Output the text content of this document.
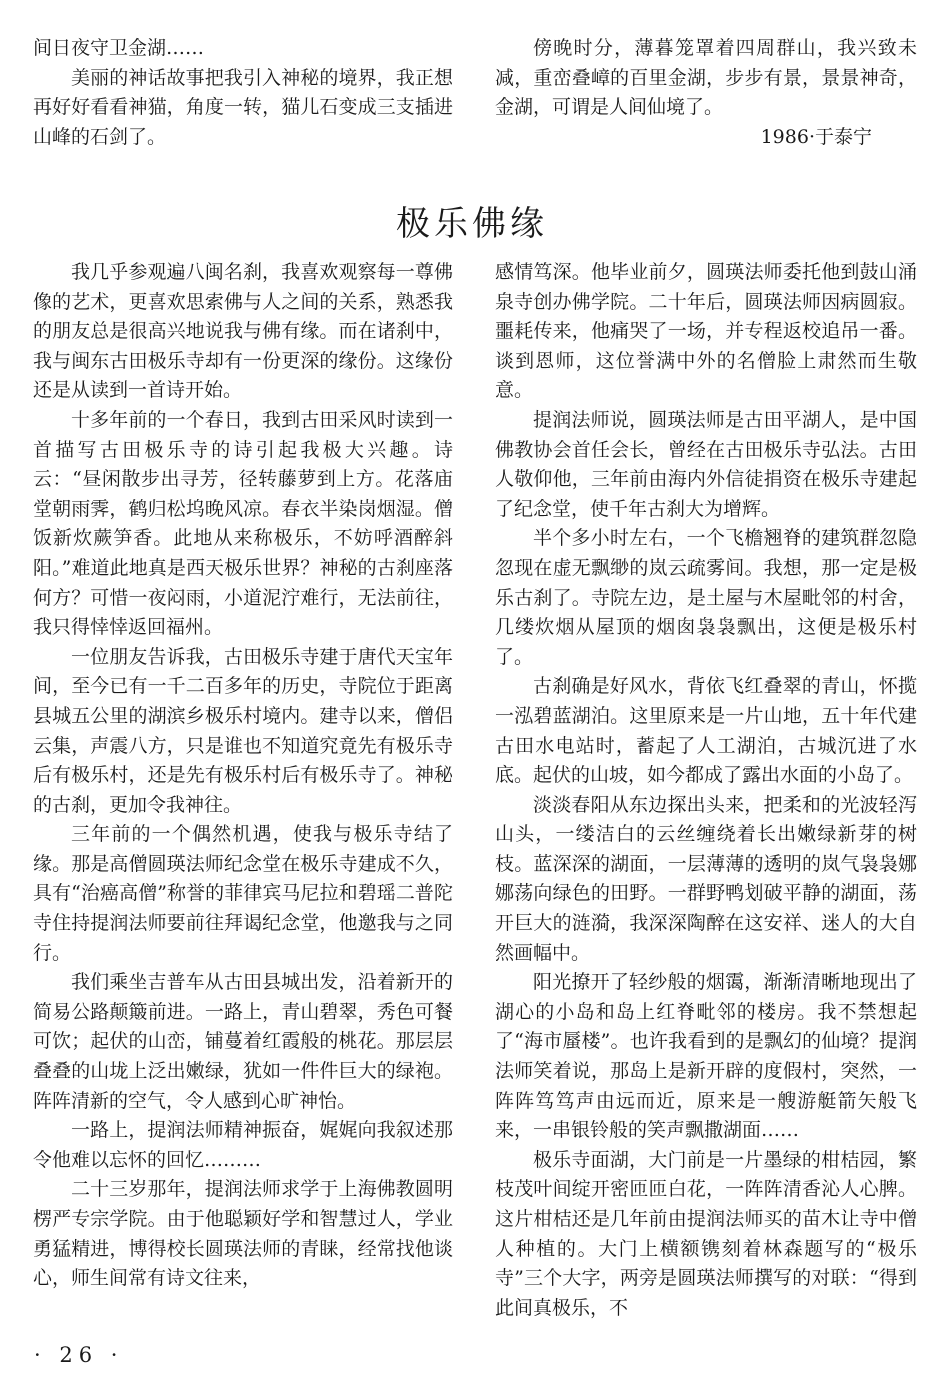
间日夜守卫金湖……

美丽的神话故事把我引入神秘的境界，我正想再好好看看神猫，角度一转，猫儿石变成三支插进山峰的石剑了。

傍晚时分，薄暮笼罩着四周群山，我兴致未减，重峦叠嶂的百里金湖，步步有景，景景神奇，金湖，可谓是人间仙境了。

1986·于泰宁

极乐佛缘

我几乎参观遍八闽名刹，我喜欢观察每一尊佛像的艺术，更喜欢思索佛与人之间的关系，熟悉我的朋友总是很高兴地说我与佛有缘。而在诸刹中，我与闽东古田极乐寺却有一份更深的缘份。这缘份还是从读到一首诗开始。

十多年前的一个春日，我到古田采风时读到一首描写古田极乐寺的诗引起我极大兴趣。诗云：“昼闲散步出寻芳，径转藤萝到上方。花落庙堂朝雨霁，鹤归松坞晚风凉。春衣半染岗烟湿。僧饭新炊蕨笋香。此地从来称极乐，不妨呼酒醉斜阳。”难道此地真是西天极乐世界？神秘的古刹座落何方？可惜一夜闷雨，小道泥泞难行，无法前往，我只得悻悻返回福州。

一位朋友告诉我，古田极乐寺建于唐代天宝年间，至今已有一千二百多年的历史，寺院位于距离县城五公里的湖滨乡极乐村境内。建寺以来，僧侣云集，声震八方，只是谁也不知道究竟先有极乐寺后有极乐村，还是先有极乐村后有极乐寺了。神秘的古刹，更加令我神往。

三年前的一个偶然机遇，使我与极乐寺结了缘。那是高僧圆瑛法师纪念堂在极乐寺建成不久，具有“治癌高僧”称誉的菲律宾马尼拉和碧瑶二普陀寺住持提润法师要前往拜谒纪念堂，他邀我与之同行。

我们乘坐吉普车从古田县城出发，沿着新开的简易公路颠簸前进。一路上，青山碧翠，秀色可餐可饮；起伏的山峦，铺蔓着红霞般的桃花。那层层叠叠的山垅上泛出嫩绿，犹如一件件巨大的绿袍。阵阵清新的空气，令人感到心旷神怡。

一路上，提润法师精神振奋，娓娓向我叙述那令他难以忘怀的回忆………

二十三岁那年，提润法师求学于上海佛教圆明楞严专宗学院。由于他聪颖好学和智慧过人，学业勇猛精进，博得校长圆瑛法师的青睐，经常找他谈心，师生间常有诗文往来，

感情笃深。他毕业前夕，圆瑛法师委托他到鼓山涌泉寺创办佛学院。二十年后，圆瑛法师因病圆寂。噩耗传来，他痛哭了一场，并专程返校追吊一番。谈到恩师，这位誉满中外的名僧脸上肃然而生敬意。

提润法师说，圆瑛法师是古田平湖人，是中国佛教协会首任会长，曾经在古田极乐寺弘法。古田人敬仰他，三年前由海内外信徒捐资在极乐寺建起了纪念堂，使千年古刹大为增辉。

半个多小时左右，一个飞檐翘脊的建筑群忽隐忽现在虚无飘缈的岚云疏雾间。我想，那一定是极乐古刹了。寺院左边，是土屋与木屋毗邻的村舍，几缕炊烟从屋顶的烟囱袅袅飘出，这便是极乐村了。

古刹确是好风水，背依飞红叠翠的青山，怀揽一泓碧蓝湖泊。这里原来是一片山地，五十年代建古田水电站时，蓄起了人工湖泊，古城沉进了水底。起伏的山坡，如今都成了露出水面的小岛了。

淡淡春阳从东边探出头来，把柔和的光波轻泻山头，一缕洁白的云丝缠绕着长出嫩绿新芽的树枝。蓝深深的湖面，一层薄薄的透明的岚气袅袅娜娜荡向绿色的田野。一群野鸭划破平静的湖面，荡开巨大的涟漪，我深深陶醉在这安祥、迷人的大自然画幅中。

阳光撩开了轻纱般的烟霭，渐渐清晰地现出了湖心的小岛和岛上红脊毗邻的楼房。我不禁想起了“海市蜃楼”。也许我看到的是飘幻的仙境？提润法师笑着说，那岛上是新开辟的度假村，突然，一阵阵笃笃声由远而近，原来是一艘游艇箭矢般飞来，一串银铃般的笑声飘撒湖面……

极乐寺面湖，大门前是一片墨绿的柑桔园，繁枝茂叶间绽开密匝匝白花，一阵阵清香沁人心脾。这片柑桔还是几年前由提润法师买的苗木让寺中僧人种植的。大门上横额镌刻着林森题写的“极乐寺”三个大字，两旁是圆瑛法师撰写的对联：“得到此间真极乐，不

· 26 ·
